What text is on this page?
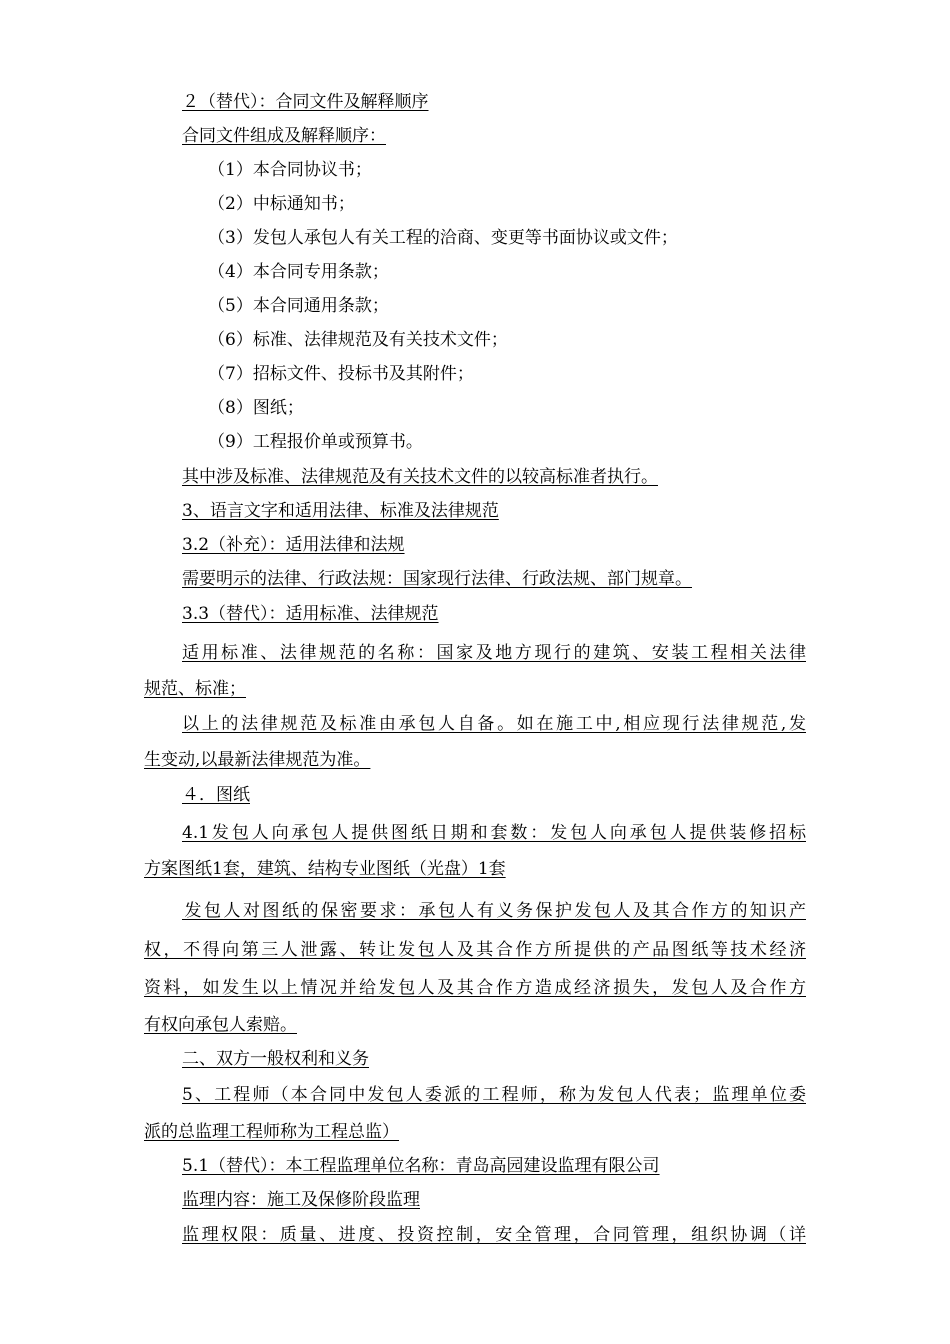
２（替代）：合同文件及解释顺序
合同文件组成及解释顺序：
（1）本合同协议书；
（2）中标通知书；
（3）发包人承包人有关工程的洽商、变更等书面协议或文件；
（4）本合同专用条款；
（5）本合同通用条款；
（6）标准、法律规范及有关技术文件；
（7）招标文件、投标书及其附件；
（8）图纸；
（9）工程报价单或预算书。
其中涉及标准、法律规范及有关技术文件的以较高标准者执行。
3、语言文字和适用法律、标准及法律规范
3.2（补充）：适用法律和法规
需要明示的法律、行政法规：国家现行法律、行政法规、部门规章。
3.3（替代）：适用标准、法律规范
适用标准、法律规范的名称：国家及地方现行的建筑、安装工程相关法律
规范、标准；
以上的法律规范及标准由承包人自备。如在施工中,相应现行法律规范,发
生变动,以最新法律规范为准。
４．图纸
4.1发包人向承包人提供图纸日期和套数：发包人向承包人提供装修招标
方案图纸1套，建筑、结构专业图纸（光盘）1套
发包人对图纸的保密要求：承包人有义务保护发包人及其合作方的知识产
权，不得向第三人泄露、转让发包人及其合作方所提供的产品图纸等技术经济
资料，如发生以上情况并给发包人及其合作方造成经济损失，发包人及合作方
有权向承包人索赔。
二、双方一般权利和义务
5、工程师（本合同中发包人委派的工程师，称为发包人代表；监理单位委
派的总监理工程师称为工程总监）
5.1（替代）：本工程监理单位名称：青岛高园建设监理有限公司
监理内容：施工及保修阶段监理
监理权限：质量、进度、投资控制，安全管理，合同管理，组织协调（详
